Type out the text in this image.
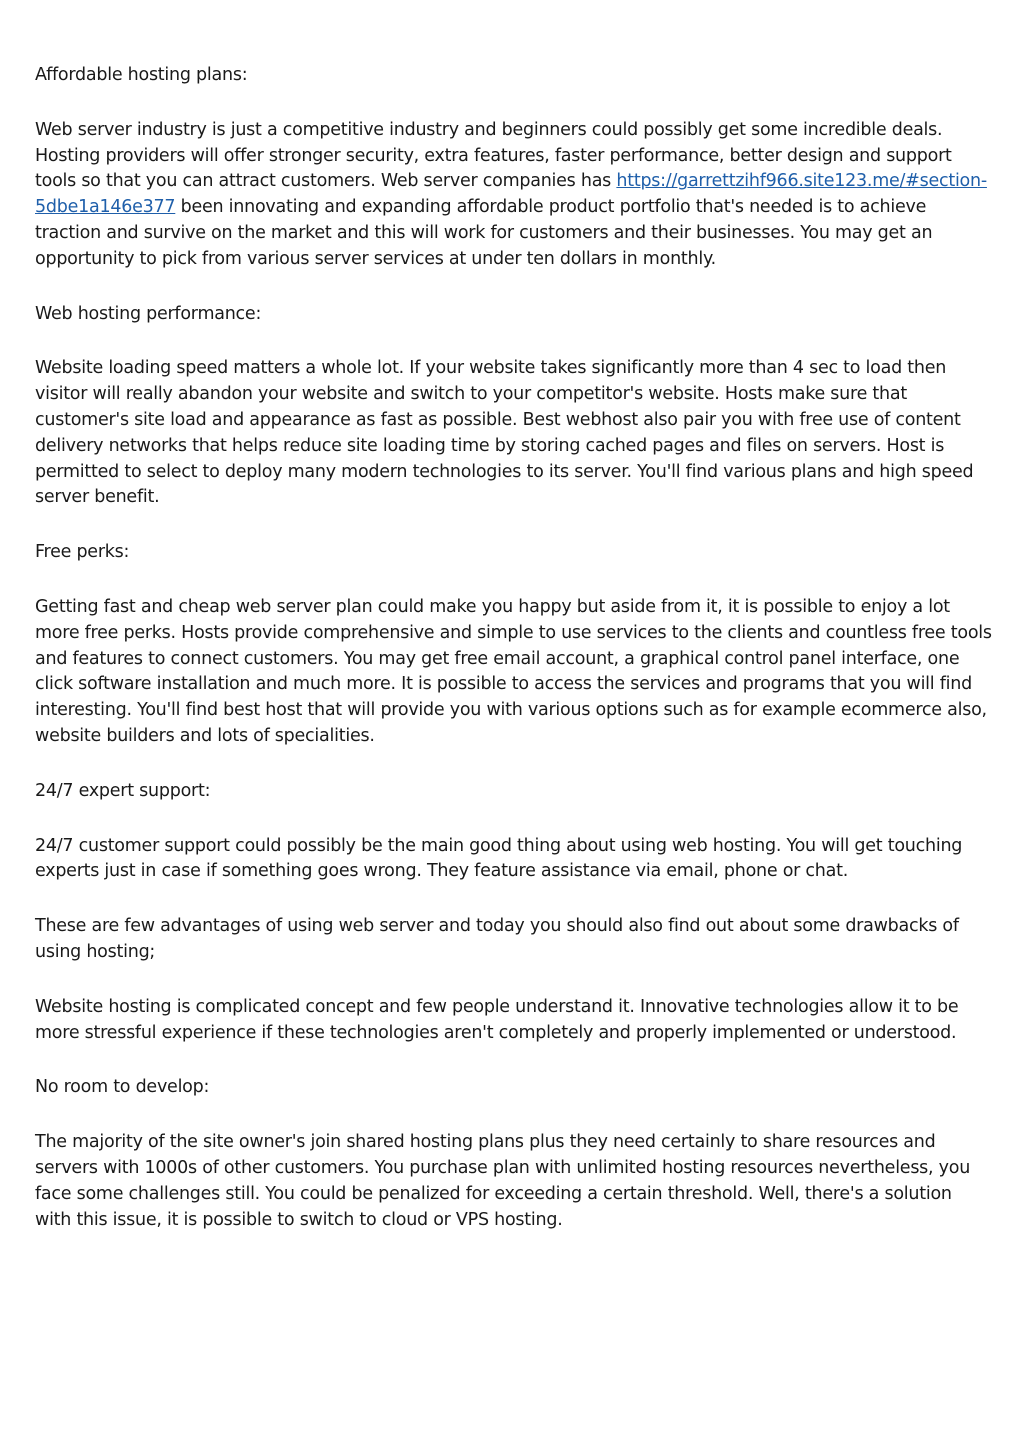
Affordable hosting plans:

Web server industry is just a competitive industry and beginners could possibly get some incredible deals. Hosting providers will offer stronger security, extra features, faster performance, better design and support tools so that you can attract customers. Web server companies has https://garrettzihf966.site123.me/#section-5dbe1a146e377 been innovating and expanding affordable product portfolio that's needed is to achieve traction and survive on the market and this will work for customers and their businesses. You may get an opportunity to pick from various server services at under ten dollars in monthly.

Web hosting performance:

Website loading speed matters a whole lot. If your website takes significantly more than 4 sec to load then visitor will really abandon your website and switch to your competitor's website. Hosts make sure that customer's site load and appearance as fast as possible. Best webhost also pair you with free use of content delivery networks that helps reduce site loading time by storing cached pages and files on servers. Host is permitted to select to deploy many modern technologies to its server. You'll find various plans and high speed server benefit.

Free perks:

Getting fast and cheap web server plan could make you happy but aside from it, it is possible to enjoy a lot more free perks. Hosts provide comprehensive and simple to use services to the clients and countless free tools and features to connect customers. You may get free email account, a graphical control panel interface, one click software installation and much more. It is possible to access the services and programs that you will find interesting. You'll find best host that will provide you with various options such as for example ecommerce also, website builders and lots of specialities.

24/7 expert support:

24/7 customer support could possibly be the main good thing about using web hosting. You will get touching experts just in case if something goes wrong. They feature assistance via email, phone or chat.

These are few advantages of using web server and today you should also find out about some drawbacks of using hosting;

Website hosting is complicated concept and few people understand it. Innovative technologies allow it to be more stressful experience if these technologies aren't completely and properly implemented or understood.

No room to develop:

The majority of the site owner's join shared hosting plans plus they need certainly to share resources and servers with 1000s of other customers. You purchase plan with unlimited hosting resources nevertheless, you face some challenges still. You could be penalized for exceeding a certain threshold. Well, there's a solution with this issue, it is possible to switch to cloud or VPS hosting.
